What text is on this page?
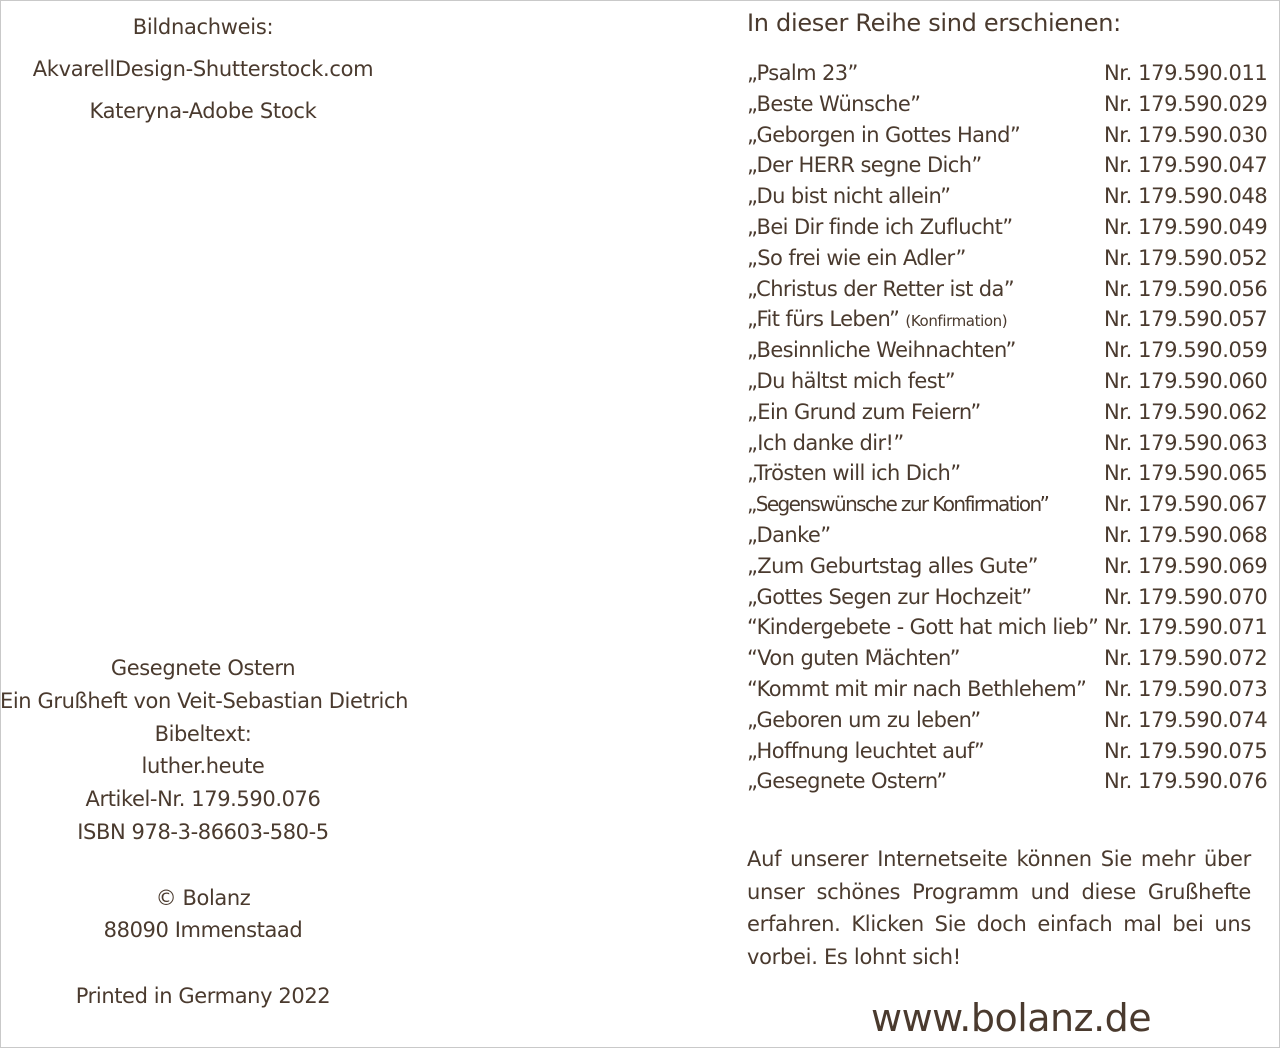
Bildnachweis:
AkvarellDesign-Shutterstock.com
Kateryna-Adobe Stock
Gesegnete Ostern
Ein Grußheft von Veit-Sebastian Dietrich
Bibeltext:
luther.heute
Artikel-Nr. 179.590.076
ISBN 978-3-86603-580-5
© Bolanz
88090 Immenstaad
Printed in Germany 2022
In dieser Reihe sind erschienen:
„Psalm 23”	Nr. 179.590.011
„Beste Wünsche”	Nr. 179.590.029
„Geborgen in Gottes Hand”	Nr. 179.590.030
„Der HERR segne Dich”	Nr. 179.590.047
„Du bist nicht allein”	Nr. 179.590.048
„Bei Dir finde ich Zuflucht”	Nr. 179.590.049
„So frei wie ein Adler”	Nr. 179.590.052
„Christus der Retter ist da”	Nr. 179.590.056
„Fit fürs Leben” (Konfirmation)	Nr. 179.590.057
„Besinnliche Weihnachten”	Nr. 179.590.059
„Du hältst mich fest”	Nr. 179.590.060
„Ein Grund zum Feiern”	Nr. 179.590.062
„Ich danke dir!”	Nr. 179.590.063
„Trösten will ich Dich”	Nr. 179.590.065
„Segenswünsche zur Konfirmation”	Nr. 179.590.067
„Danke”	Nr. 179.590.068
„Zum Geburtstag alles Gute”	Nr. 179.590.069
„Gottes Segen zur Hochzeit”	Nr. 179.590.070
“Kindergebete - Gott hat mich lieb” Nr. 179.590.071
“Von guten Mächten”	Nr. 179.590.072
“Kommt mit mir nach Bethlehem” Nr. 179.590.073
„Geboren um zu leben”	Nr. 179.590.074
„Hoffnung leuchtet auf”	Nr. 179.590.075
„Gesegnete Ostern”	Nr. 179.590.076

Auf unserer Internetseite können Sie mehr über unser schönes Programm und diese Grußhefte erfahren. Klicken Sie doch einfach mal bei uns vorbei. Es lohnt sich!

www.bolanz.de
